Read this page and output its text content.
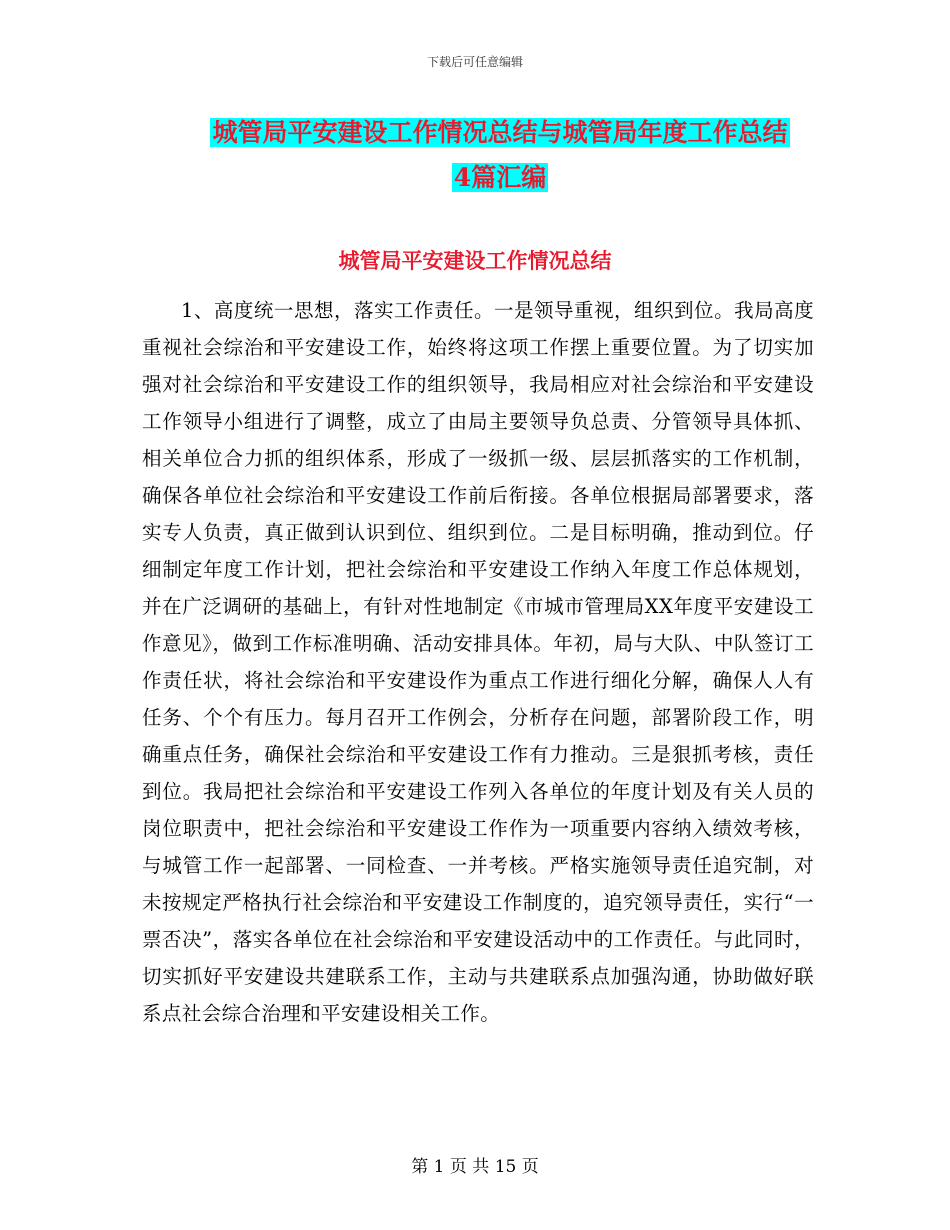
下载后可任意编辑
城管局平安建设工作情况总结与城管局年度工作总结
4篇汇编
城管局平安建设工作情况总结

1、高度统一思想，落实工作责任。一是领导重视，组织到位。我局高度重视社会综治和平安建设工作，始终将这项工作摆上重要位置。为了切实加强对社会综治和平安建设工作的组织领导，我局相应对社会综治和平安建设工作领导小组进行了调整，成立了由局主要领导负总责、分管领导具体抓、相关单位合力抓的组织体系，形成了一级抓一级、层层抓落实的工作机制，确保各单位社会综治和平安建设工作前后衔接。各单位根据局部署要求，落实专人负责，真正做到认识到位、组织到位。二是目标明确，推动到位。仔细制定年度工作计划，把社会综治和平安建设工作纳入年度工作总体规划，并在广泛调研的基础上，有针对性地制定《市城市管理局XX年度平安建设工作意见》，做到工作标准明确、活动安排具体。年初，局与大队、中队签订工作责任状，将社会综治和平安建设作为重点工作进行细化分解，确保人人有任务、个个有压力。每月召开工作例会，分析存在问题，部署阶段工作，明确重点任务，确保社会综治和平安建设工作有力推动。三是狠抓考核，责任到位。我局把社会综治和平安建设工作列入各单位的年度计划及有关人员的岗位职责中，把社会综治和平安建设工作作为一项重要内容纳入绩效考核，与城管工作一起部署、一同检查、一并考核。严格实施领导责任追究制，对未按规定严格执行社会综治和平安建设工作制度的，追究领导责任，实行“一票否决”，落实各单位在社会综治和平安建设活动中的工作责任。与此同时，切实抓好平安建设共建联系工作，主动与共建联系点加强沟通，协助做好联系点社会综合治理和平安建设相关工作。

第 1 页 共 15 页
